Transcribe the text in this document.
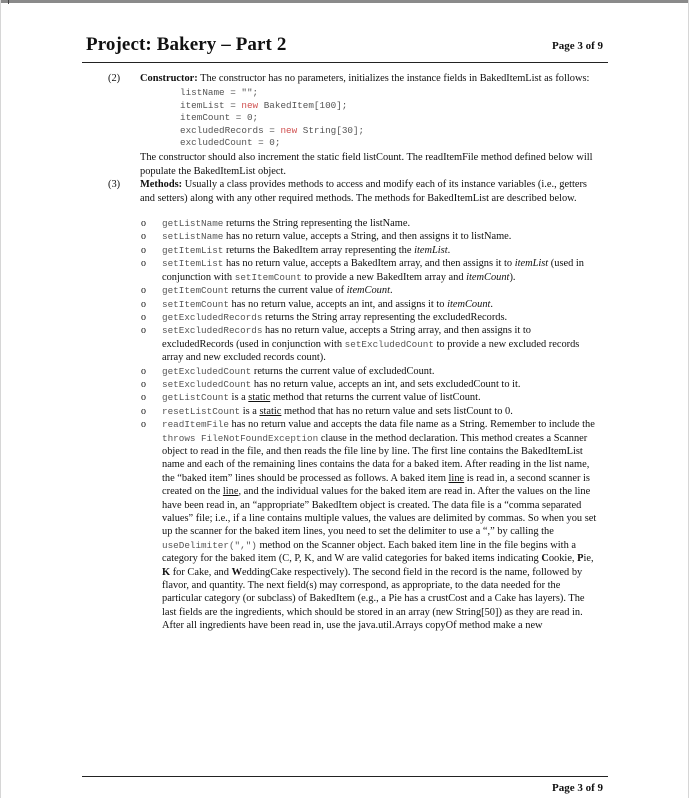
Project: Bakery – Part 2	Page 3 of 9
(2) Constructor: The constructor has no parameters, initializes the instance fields in BakedItemList as follows:
listName = "";
itemList = new BakedItem[100];
itemCount = 0;
excludedRecords = new String[30];
excludedCount = 0;
The constructor should also increment the static field listCount. The readItemFile method defined below will populate the BakedItemList object.
(3) Methods: Usually a class provides methods to access and modify each of its instance variables (i.e., getters and setters) along with any other required methods. The methods for BakedItemList are described below.
o getListName returns the String representing the listName.
o setListName has no return value, accepts a String, and then assigns it to listName.
o getItemList returns the BakedItem array representing the itemList.
o setItemList has no return value, accepts a BakedItem array, and then assigns it to itemList (used in conjunction with setItemCount to provide a new BakedItem array and itemCount).
o getItemCount returns the current value of itemCount.
o setItemCount has no return value, accepts an int, and assigns it to itemCount.
o getExcludedRecords returns the String array representing the excludedRecords.
o setExcludedRecords has no return value, accepts a String array, and then assigns it to excludedRecords (used in conjunction with setExcludedCount to provide a new excluded records array and new excluded records count).
o getExcludedCount returns the current value of excludedCount.
o setExcludedCount has no return value, accepts an int, and sets excludedCount to it.
o getListCount is a static method that returns the current value of listCount.
o resetListCount is a static method that has no return value and sets listCount to 0.
o readItemFile has no return value and accepts the data file name as a String. Remember to include the throws FileNotFoundException clause in the method declaration. This method creates a Scanner object to read in the file, and then reads the file line by line. The first line contains the BakedItemList name and each of the remaining lines contains the data for a baked item. After reading in the list name, the “baked item” lines should be processed as follows. A baked item line is read in, a second scanner is created on the line, and the individual values for the baked item are read in. After the values on the line have been read in, an “appropriate” BakedItem object is created. The data file is a “comma separated values” file; i.e., if a line contains multiple values, the values are delimited by commas. So when you set up the scanner for the baked item lines, you need to set the delimiter to use a “,” by calling the useDelimiter(",") method on the Scanner object. Each baked item line in the file begins with a category for the baked item (C, P, K, and W are valid categories for baked items indicating Cookie, Pie, K for Cake, and WeddingCake respectively). The second field in the record is the name, followed by flavor, and quantity. The next field(s) may correspond, as appropriate, to the data needed for the particular category (or subclass) of BakedItem (e.g., a Pie has a crustCost and a Cake has layers). The last fields are the ingredients, which should be stored in an array (new String[50]) as they are read in. After all ingredients have been read in, use the java.util.Arrays copyOf method make a new
Page 3 of 9
